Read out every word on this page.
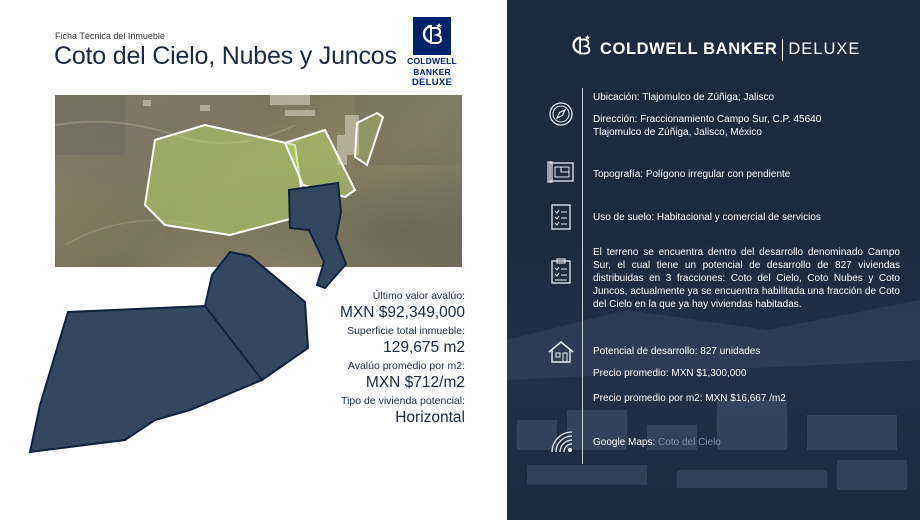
Ficha Técnica del Inmueble
Coto del Cielo, Nubes y Juncos	COLDWELL
BANKER
DELUXE
Último valor avalúo:
MXN $92,349,000
Superficie total inmueble:
129,675 m2
Avalúo promedio por m2:
MXN $712/m2
Tipo de vivienda potencial:
Horizontal
COLDWELL BANKER DELUXE
Ubicación: Tlajomulco de Zúñiga; Jalisco
Dirección: Fraccionamiento Campo Sur, C.P. 45640
Tlajomulco de Zúñiga, Jalisco, México
Topografía: Polígono irregular con pendiente
Uso de suelo: Habitacional y comercial de servicios
El terreno se encuentra dentro del desarrollo denominado Campo Sur, el cual tiene un potencial de desarrollo de 827 viviendas distribuidas en 3 fracciones: Coto del Cielo, Coto Nubes y Coto Juncos, actualmente ya se encuentra habilitada una fracción de Coto del Cielo en la que ya hay viviendas habitadas.
Potencial de desarrollo: 827 unidades
Precio promedio: MXN $1,300,000
Precio promedio por m2: MXN $16,667 /m2
Google Maps: Coto del Cielo
